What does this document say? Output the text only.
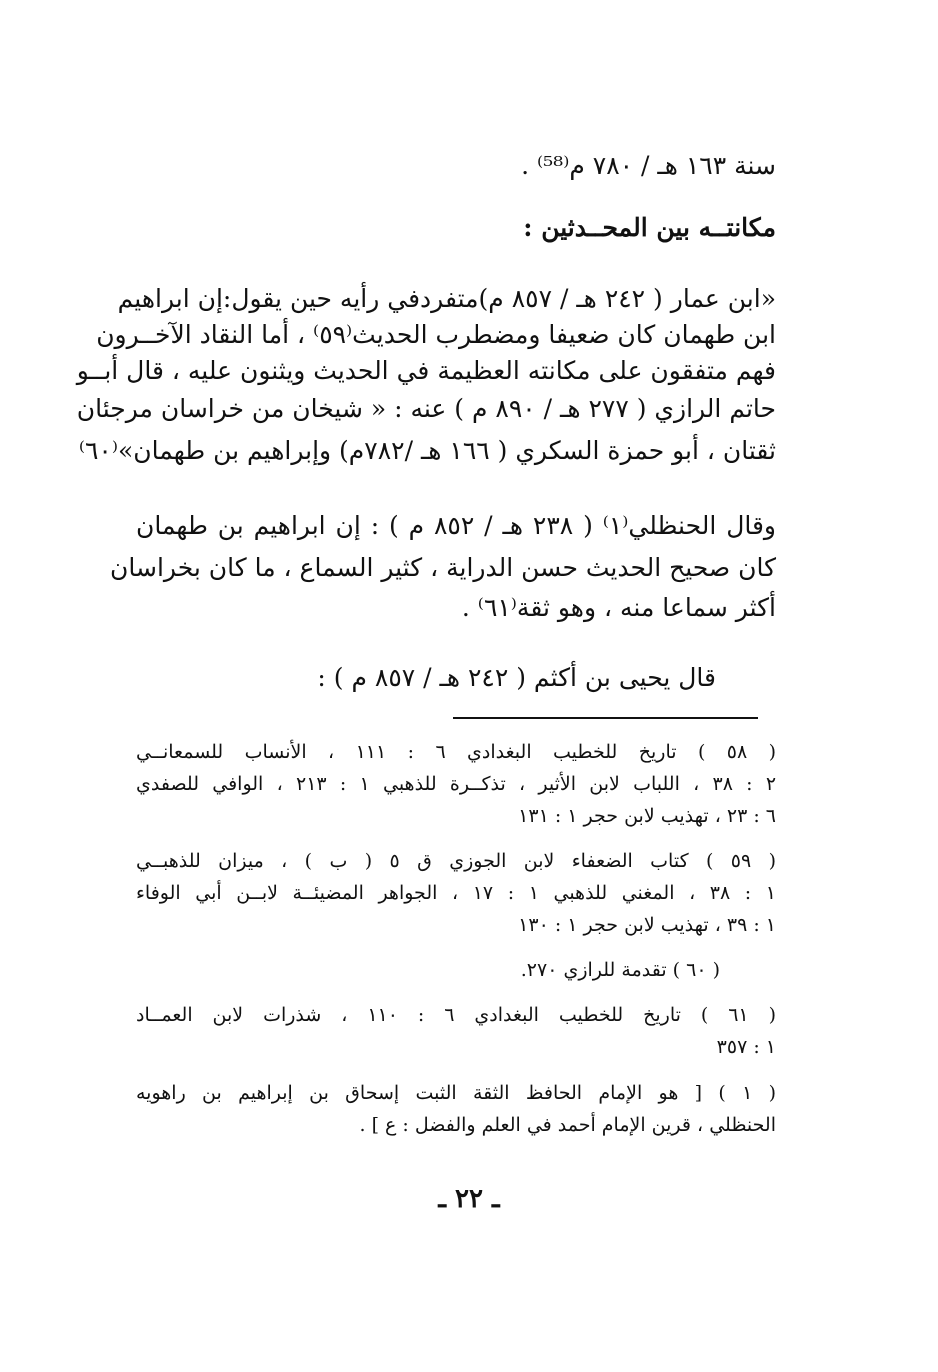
سنة ١٦٣ هـ / ٧٨٠ م⁽⁵⁸⁾ .
مكانتــه بين المحــدثين :
«ابن عمار ( ٢٤٢ هـ / ٨٥٧ م)متفردفي رأيه حين يقول:إن ابراهيم
ابن طهمان كان ضعيفا ومضطرب الحديث⁽٥٩⁾ ، أما النقاد الآخــرون
فهم متفقون على مكانته العظيمة في الحديث ويثنون عليه ، قال أبــو
حاتم الرازي ( ٢٧٧ هـ / ٨٩٠ م ) عنه : « شيخان من خراسان مرجئان
ثقتان ، أبو حمزة السكري ( ١٦٦ هـ /٧٨٢م) وإبراهيم بن طهمان»⁽٦٠⁾
وقال الحنظلي⁽١⁾ ( ٢٣٨ هـ / ٨٥٢ م ) : إن ابراهيم بن طهمان
كان صحيح الحديث حسن الدراية ، كثير السماع ، ما كان بخراسان
أكثر سماعا منه ، وهو ثقة⁽٦١⁾ .
قال يحيى بن أكثم ( ٢٤٢ هـ / ٨٥٧ م ) :
( ٥٨ ) تاريخ للخطيب البغدادي ٦ : ١١١ ، الأنساب للسمعانــي
٢ : ٣٨ ، اللباب لابن الأثير ، تذكــرة للذهبي ١ : ٢١٣ ، الوافي للصفدي
٦ : ٢٣ ، تهذيب لابن حجر ١ : ١٣١
( ٥٩ ) كتاب الضعفاء لابن الجوزي ق ٥ ( ب ) ، ميزان للذهبــي
١ : ٣٨ ، المغني للذهبي ١ : ١٧ ، الجواهر المضيئــة لابــن أبي الوفاء
١ : ٣٩ ، تهذيب لابن حجر ١ : ١٣٠
( ٦٠ ) تقدمة للرازي ٢٧٠.
( ٦١ ) تاريخ للخطيب البغدادي ٦ : ١١٠ ، شذرات لابن العمــاد
١ : ٣٥٧
( ١ ) [ هو الإمام الحافظ الثقة الثبت إسحاق بن إبراهيم بن راهويه
الحنظلي ، قرين الإمام أحمد في العلم والفضل : ع ] .
ـ ٢٢ ـ
